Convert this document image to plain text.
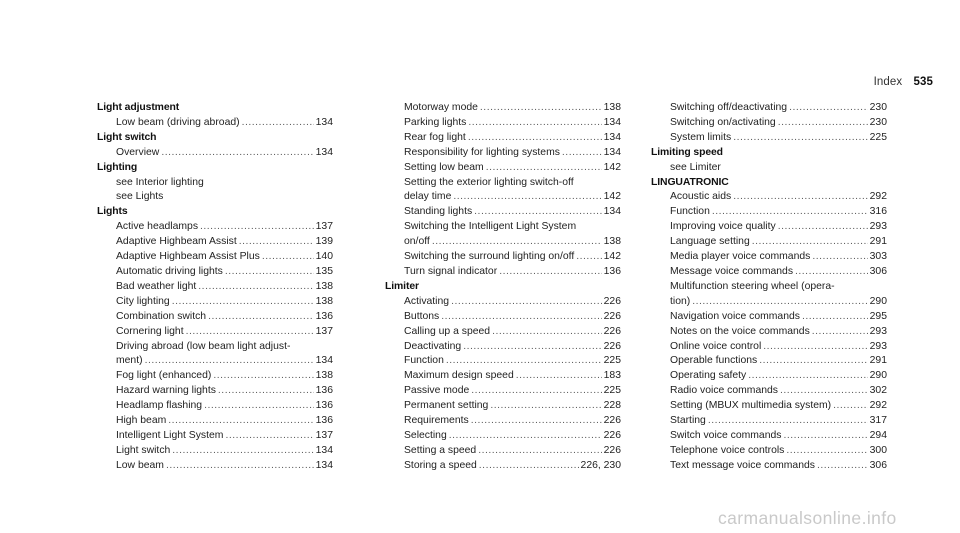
Index 535
Light adjustment
Low beam (driving abroad) .....	134
Light switch
Overview .....	134
Lighting
see Interior lighting
see Lights
Lights
Active headlamps .....	137
Adaptive Highbeam Assist .....	139
Adaptive Highbeam Assist Plus .....	140
Automatic driving lights .....	135
Bad weather light .....	138
City lighting .....	138
Combination switch .....	136
Cornering light .....	137
Driving abroad (low beam light adjust-
ment) .....	134
Fog light (enhanced) .....	138
Hazard warning lights .....	136
Headlamp flashing .....	136
High beam .....	136
Intelligent Light System .....	137
Light switch .....	134
Low beam .....	134
Motorway mode .....	138
Parking lights .....	134
Rear fog light .....	134
Responsibility for lighting systems .....	134
Setting low beam .....	142
Setting the exterior lighting switch-off
delay time .....	142
Standing lights .....	134
Switching the Intelligent Light System
on/off .....	138
Switching the surround lighting on/off .....	142
Turn signal indicator .....	136
Limiter
Activating .....	226
Buttons .....	226
Calling up a speed .....	226
Deactivating .....	226
Function .....	225
Maximum design speed .....	183
Passive mode .....	225
Permanent setting .....	228
Requirements .....	226
Selecting .....	226
Setting a speed .....	226
Storing a speed .....	226, 230
Switching off/deactivating .....	230
Switching on/activating .....	230
System limits .....	225
Limiting speed
see Limiter
LINGUATRONIC
Acoustic aids .....	292
Function .....	316
Improving voice quality .....	293
Language setting .....	291
Media player voice commands .....	303
Message voice commands .....	306
Multifunction steering wheel (opera-
tion) .....	290
Navigation voice commands .....	295
Notes on the voice commands .....	293
Online voice control .....	293
Operable functions .....	291
Operating safety .....	290
Radio voice commands .....	302
Setting (MBUX multimedia system) .....	292
Starting .....	317
Switch voice commands .....	294
Telephone voice controls .....	300
Text message voice commands .....	306
carmanualsonline.info
